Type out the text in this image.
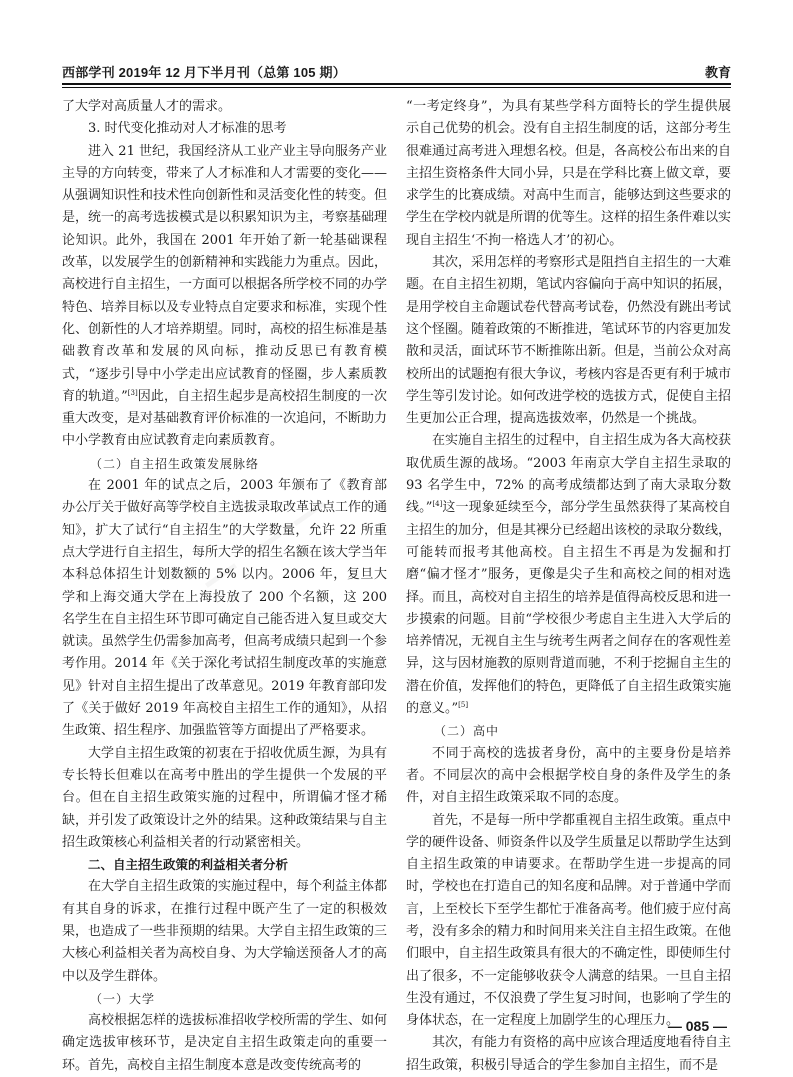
西部学刊 2019年 12 月下半月刊（总第 105 期）	教育

了大学对高质量人才的需求。

3. 时代变化推动对人才标准的思考

进入 21 世纪，我国经济从工业产业主导向服务产业主导的方向转变，带来了人才标准和人才需要的变化——从强调知识性和技术性向创新性和灵活变化性的转变。但是，统一的高考选拔模式是以积累知识为主，考察基础理论知识。此外，我国在 2001 年开始了新一轮基础课程改革，以发展学生的创新精神和实践能力为重点。因此，高校进行自主招生，一方面可以根据各所学校不同的办学特色、培养目标以及专业特点自定要求和标准，实现个性化、创新性的人才培养期望。同时，高校的招生标准是基础教育改革和发展的风向标，推动反思已有教育模式，“逐步引导中小学走出应试教育的怪圈，步人素质教育的轨道。”[3]因此，自主招生起步是高校招生制度的一次重大改变，是对基础教育评价标准的一次追问，不断助力中小学教育由应试教育走向素质教育。

（二）自主招生政策发展脉络

在 2001 年的试点之后，2003 年颁布了《教育部办公厅关于做好高等学校自主选拔录取改革试点工作的通知》，扩大了试行“自主招生”的大学数量，允许 22 所重点大学进行自主招生，每所大学的招生名额在该大学当年本科总体招生计划数额的 5% 以内。2006 年，复旦大学和上海交通大学在上海投放了 200 个名额，这 200 名学生在自主招生环节即可确定自己能否进入复旦或交大就读。虽然学生仍需参加高考，但高考成绩只起到一个参考作用。2014 年《关于深化考试招生制度改革的实施意见》针对自主招生提出了改革意见。2019 年教育部印发了《关于做好 2019 年高校自主招生工作的通知》，从招生政策、招生程序、加强监管等方面提出了严格要求。

大学自主招生政策的初衷在于招收优质生源，为具有专长特长但难以在高考中胜出的学生提供一个发展的平台。但在自主招生政策实施的过程中，所谓偏才怪才稀缺，并引发了政策设计之外的结果。这种政策结果与自主招生政策核心利益相关者的行动紧密相关。

二、自主招生政策的利益相关者分析

在大学自主招生政策的实施过程中，每个利益主体都有其自身的诉求，在推行过程中既产生了一定的积极效果，也造成了一些非预期的结果。大学自主招生政策的三大核心利益相关者为高校自身、为大学输送预备人才的高中以及学生群体。

（一）大学

高校根据怎样的选拔标准招收学校所需的学生、如何确定选拔审核环节，是决定自主招生政策走向的重要一环。首先，高校自主招生制度本意是改变传统高考的

“一考定终身”，为具有某些学科方面特长的学生提供展示自己优势的机会。没有自主招生制度的话，这部分考生很难通过高考进入理想名校。但是，各高校公布出来的自主招生资格条件大同小异，只是在学科比赛上做文章，要求学生的比赛成绩。对高中生而言，能够达到这些要求的学生在学校内就是所谓的优等生。这样的招生条件难以实现自主招生‘不拘一格选人才’的初心。

其次，采用怎样的考察形式是阻挡自主招生的一大难题。在自主招生初期，笔试内容偏向于高中知识的拓展，是用学校自主命题试卷代替高考试卷，仍然没有跳出考试这个怪圈。随着政策的不断推进，笔试环节的内容更加发散和灵活，面试环节不断推陈出新。但是，当前公众对高校所出的试题抱有很大争议，考核内容是否更有利于城市学生等引发讨论。如何改进学校的选拔方式，促使自主招生更加公正合理，提高选拔效率，仍然是一个挑战。

在实施自主招生的过程中，自主招生成为各大高校获取优质生源的战场。“2003 年南京大学自主招生录取的 93 名学生中，72% 的高考成绩都达到了南大录取分数线。”[4]这一现象延续至今，部分学生虽然获得了某高校自主招生的加分，但是其裸分已经超出该校的录取分数线，可能转而报考其他高校。自主招生不再是为发掘和打磨“偏才怪才”服务，更像是尖子生和高校之间的相对选择。而且，高校对自主招生的培养是值得高校反思和进一步摸索的问题。目前“学校很少考虑自主生进入大学后的培养情况，无视自主生与统考生两者之间存在的客观性差异，这与因材施教的原则背道而驰，不利于挖掘自主生的潜在价值，发挥他们的特色，更降低了自主招生政策实施的意义。”[5]

（二）高中

不同于高校的选拔者身份，高中的主要身份是培养者。不同层次的高中会根据学校自身的条件及学生的条件，对自主招生政策采取不同的态度。

首先，不是每一所中学都重视自主招生政策。重点中学的硬件设备、师资条件以及学生质量足以帮助学生达到自主招生政策的申请要求。在帮助学生进一步提高的同时，学校也在打造自己的知名度和品牌。对于普通中学而言，上至校长下至学生都忙于准备高考。他们疲于应付高考，没有多余的精力和时间用来关注自主招生政策。在他们眼中，自主招生政策具有很大的不确定性，即使师生付出了很多，不一定能够收获令人满意的结果。一旦自主招生没有通过，不仅浪费了学生复习时间，也影响了学生的身体状态，在一定程度上加剧学生的心理压力。

其次，有能力有资格的高中应该合理适度地看待自主招生政策，积极引导适合的学生参加自主招生，而不是

— 085 —
